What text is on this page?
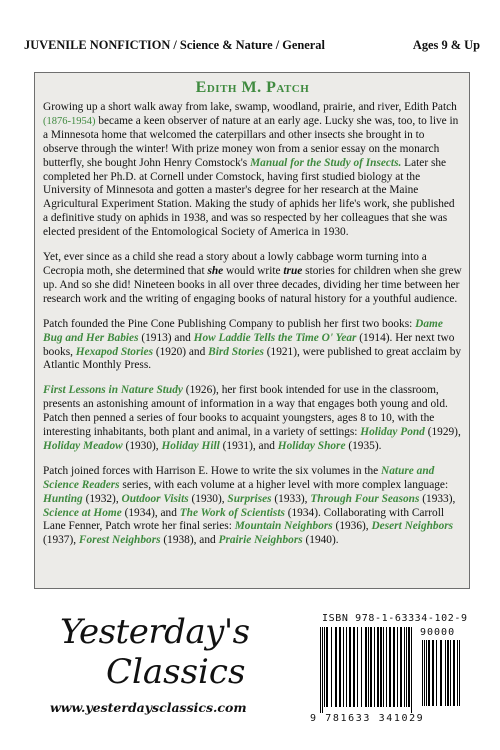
JUVENILE NONFICTION / Science & Nature / General	Ages 9 & Up
Edith M. Patch

Growing up a short walk away from lake, swamp, woodland, prairie, and river, Edith Patch (1876-1954) became a keen observer of nature at an early age. Lucky she was, too, to live in a Minnesota home that welcomed the caterpillars and other insects she brought in to observe through the winter! With prize money won from a senior essay on the monarch butterfly, she bought John Henry Comstock's Manual for the Study of Insects. Later she completed her Ph.D. at Cornell under Comstock, having first studied biology at the University of Minnesota and gotten a master's degree for her research at the Maine Agricultural Experiment Station. Making the study of aphids her life's work, she published a definitive study on aphids in 1938, and was so respected by her colleagues that she was elected president of the Entomological Society of America in 1930.

Yet, ever since as a child she read a story about a lowly cabbage worm turning into a Cecropia moth, she determined that she would write true stories for children when she grew up. And so she did! Nineteen books in all over three decades, dividing her time between her research work and the writing of engaging books of natural history for a youthful audience.

Patch founded the Pine Cone Publishing Company to publish her first two books: Dame Bug and Her Babies (1913) and How Laddie Tells the Time O' Year (1914). Her next two books, Hexapod Stories (1920) and Bird Stories (1921), were published to great acclaim by Atlantic Monthly Press.

First Lessons in Nature Study (1926), her first book intended for use in the classroom, presents an astonishing amount of information in a way that engages both young and old. Patch then penned a series of four books to acquaint youngsters, ages 8 to 10, with the interesting inhabitants, both plant and animal, in a variety of settings: Holiday Pond (1929), Holiday Meadow (1930), Holiday Hill (1931), and Holiday Shore (1935).

Patch joined forces with Harrison E. Howe to write the six volumes in the Nature and Science Readers series, with each volume at a higher level with more complex language: Hunting (1932), Outdoor Visits (1930), Surprises (1933), Through Four Seasons (1933), Science at Home (1934), and The Work of Scientists (1934). Collaborating with Carroll Lane Fenner, Patch wrote her final series: Mountain Neighbors (1936), Desert Neighbors (1937), Forest Neighbors (1938), and Prairie Neighbors (1940).

Yesterday's
Classics
www.yesterdaysclassics.com
ISBN 978-1-63334-102-9
90000
9 781633 341029
